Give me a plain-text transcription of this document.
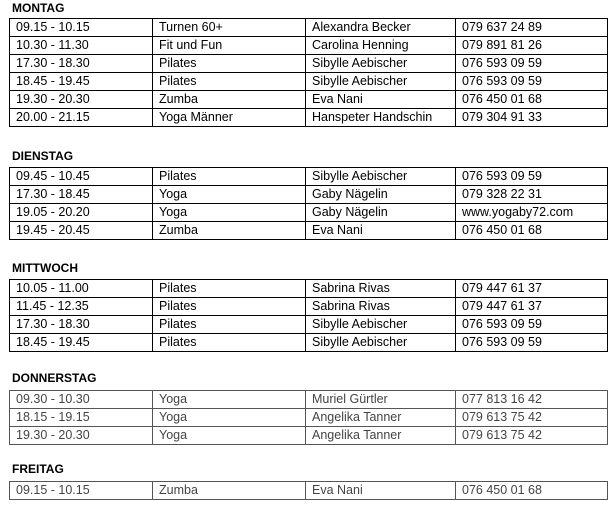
MONTAG
09.15 - 10.15	Turnen 60+	Alexandra Becker	079 637 24 89
10.30 - 11.30	Fit und Fun	Carolina Henning	079 891 81 26
17.30 - 18.30	Pilates	Sibylle Aebischer	076 593 09 59
18.45 - 19.45	Pilates	Sibylle Aebischer	076 593 09 59
19.30 - 20.30	Zumba	Eva Nani	076 450 01 68
20.00 - 21.15	Yoga Männer	Hanspeter Handschin	079 304 91 33
DIENSTAG
09.45 - 10.45	Pilates	Sibylle Aebischer	076 593 09 59
17.30 - 18.45	Yoga	Gaby Nägelin	079 328 22 31
19.05 - 20.20	Yoga	Gaby Nägelin	www.yogaby72.com
19.45 - 20.45	Zumba	Eva Nani	076 450 01 68
MITTWOCH
10.05 - 11.00	Pilates	Sabrina Rivas	079 447 61 37
11.45 - 12.35	Pilates	Sabrina Rivas	079 447 61 37
17.30 - 18.30	Pilates	Sibylle Aebischer	076 593 09 59
18.45 - 19.45	Pilates	Sibylle Aebischer	076 593 09 59
DONNERSTAG
09.30 - 10.30	Yoga	Muriel Gürtler	077 813 16 42
18.15 - 19.15	Yoga	Angelika Tanner	079 613 75 42
19.30 - 20.30	Yoga	Angelika Tanner	079 613 75 42
FREITAG
09.15 - 10.15	Zumba	Eva Nani	076 450 01 68
